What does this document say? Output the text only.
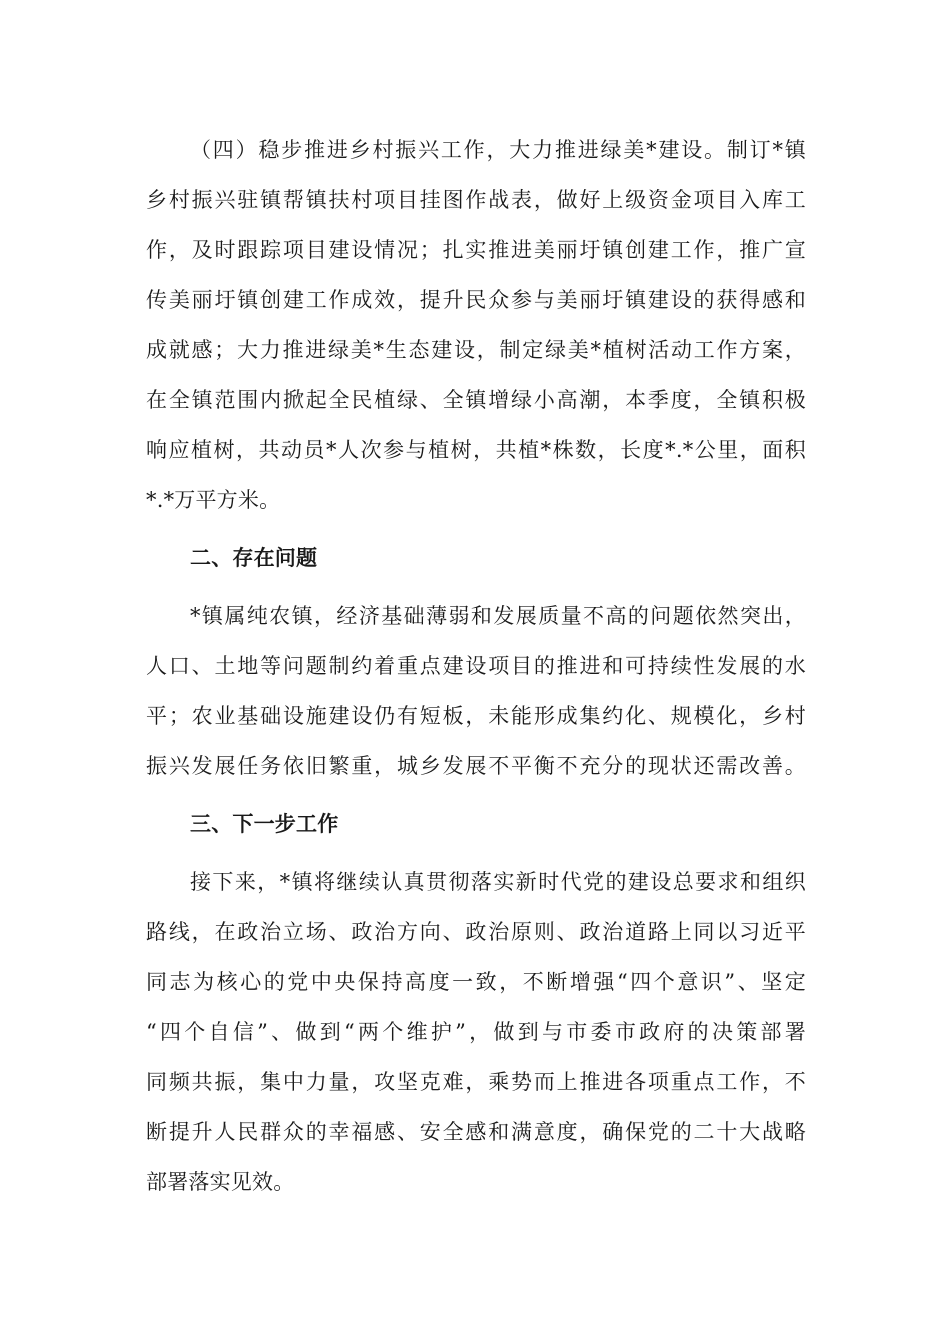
（四）稳步推进乡村振兴工作，大力推进绿美*建设。制订*镇
乡村振兴驻镇帮镇扶村项目挂图作战表，做好上级资金项目入库工
作，及时跟踪项目建设情况；扎实推进美丽圩镇创建工作，推广宣
传美丽圩镇创建工作成效，提升民众参与美丽圩镇建设的获得感和
成就感；大力推进绿美*生态建设，制定绿美*植树活动工作方案，
在全镇范围内掀起全民植绿、全镇增绿小高潮，本季度，全镇积极
响应植树，共动员*人次参与植树，共植*株数，长度*.*公里，面积
*.*万平方米。
二、存在问题
*镇属纯农镇，经济基础薄弱和发展质量不高的问题依然突出，
人口、土地等问题制约着重点建设项目的推进和可持续性发展的水
平；农业基础设施建设仍有短板，未能形成集约化、规模化，乡村
振兴发展任务依旧繁重，城乡发展不平衡不充分的现状还需改善。
三、下一步工作
接下来，*镇将继续认真贯彻落实新时代党的建设总要求和组织
路线，在政治立场、政治方向、政治原则、政治道路上同以习近平
同志为核心的党中央保持高度一致，不断增强“四个意识”、坚定
“四个自信”、做到“两个维护”，做到与市委市政府的决策部署
同频共振，集中力量，攻坚克难，乘势而上推进各项重点工作，不
断提升人民群众的幸福感、安全感和满意度，确保党的二十大战略
部署落实见效。
